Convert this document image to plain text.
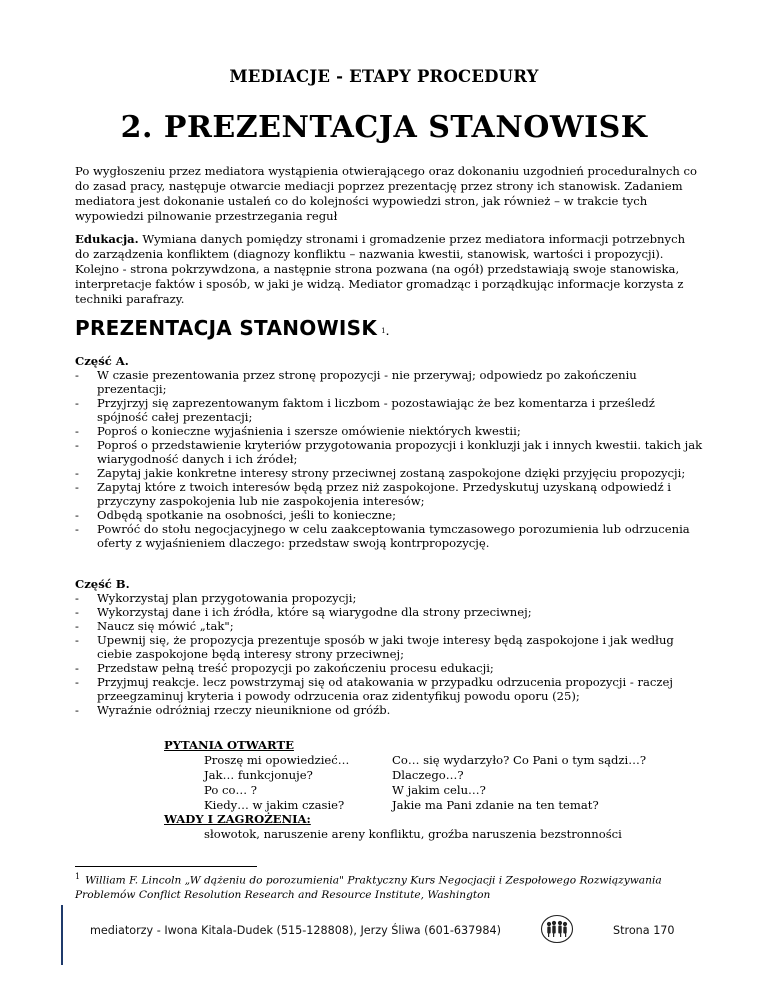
MEDIACJE - ETAPY PROCEDURY
2. PREZENTACJA STANOWISK
Po wygłoszeniu przez mediatora wystąpienia otwierającego oraz dokonaniu uzgodnień proceduralnych co do zasad pracy, następuje otwarcie mediacji poprzez prezentację przez strony ich stanowisk. Zadaniem mediatora jest dokonanie ustaleń co do kolejności wypowiedzi stron, jak również – w trakcie tych wypowiedzi pilnowanie przestrzegania reguł
Edukacja. Wymiana danych pomiędzy stronami i gromadzenie przez mediatora informacji potrzebnych do zarządzenia konfliktem (diagnozy konfliktu – nazwania kwestii, stanowisk, wartości i propozycji). Kolejno - strona pokrzywdzona, a następnie strona pozwana (na ogół) przedstawiają swoje stanowiska, interpretacje faktów i sposób, w jaki je widzą. Mediator gromadząc i porządkując informacje korzysta z techniki parafrazy.
PREZENTACJA STANOWISK $^1$.
Część A.
- W czasie prezentowania przez stronę propozycji - nie przerywaj; odpowiedz po zakończeniu prezentacji;
- Przyjrzyj się zaprezentowanym faktom i liczbom - pozostawiając że bez komentarza i prześledź spójność całej prezentacji;
- Poproś o konieczne wyjaśnienia i szersze omówienie niektórych kwestii;
- Poproś o przedstawienie kryteriów przygotowania propozycji i konkluzji jak i innych kwestii. takich jak wiarygodność danych i ich źródeł;
- Zapytaj jakie konkretne interesy strony przeciwnej zostaną zaspokojone dzięki przyjęciu propozycji;
- Zapytaj które z twoich interesów będą przez niż zaspokojone. Przedyskutuj uzyskaną odpowiedź i przyczyny zaspokojenia lub nie zaspokojenia interesów;
- Odbędą spotkanie na osobności, jeśli to konieczne;
- Powróć do stołu negocjacyjnego w celu zaakceptowania tymczasowego porozumienia lub odrzucenia oferty z wyjaśnieniem dlaczego: przedstaw swoją kontrpropozycję.
Część B.
- Wykorzystaj plan przygotowania propozycji;
- Wykorzystaj dane i ich źródła, które są wiarygodne dla strony przeciwnej;
- Naucz się mówić „tak";
- Upewnij się, że propozycja prezentuje sposób w jaki twoje interesy będą zaspokojone i jak według ciebie zaspokojone będą interesy strony przeciwnej;
- Przedstaw pełną treść propozycji po zakończeniu procesu edukacji;
- Przyjmuj reakcje. lecz powstrzymaj się od atakowania w przypadku odrzucenia propozycji - raczej przeegzaminuj kryteria i powody odrzucenia oraz zidentyfikuj powodu oporu (25);
- Wyraźnie odróżniaj rzeczy nieuniknione od gróźb.
PYTANIA OTWARTE
Proszę mi opowiedzieć…
Jak… funkcjonuje?
Po co… ?
Kiedy… w jakim czasie?
Co… się wydarzyło? Co Pani o tym sądzi…?
Dlaczego…?
W jakim celu…?
Jakie ma Pani zdanie na ten temat?
WADY I ZAGROŻENIA:
słowotok, naruszenie areny konfliktu, groźba naruszenia bezstronności
$^1$ William F. Lincoln „W dążeniu do porozumienia" Praktyczny Kurs Negocjacji i Zespołowego Rozwiązywania Problemów Conflict Resolution Research and Resource Institute, Washington
mediatorzy - Iwona Kitala-Dudek (515-128808), Jerzy Śliwa (601-637984)	Strona 170
